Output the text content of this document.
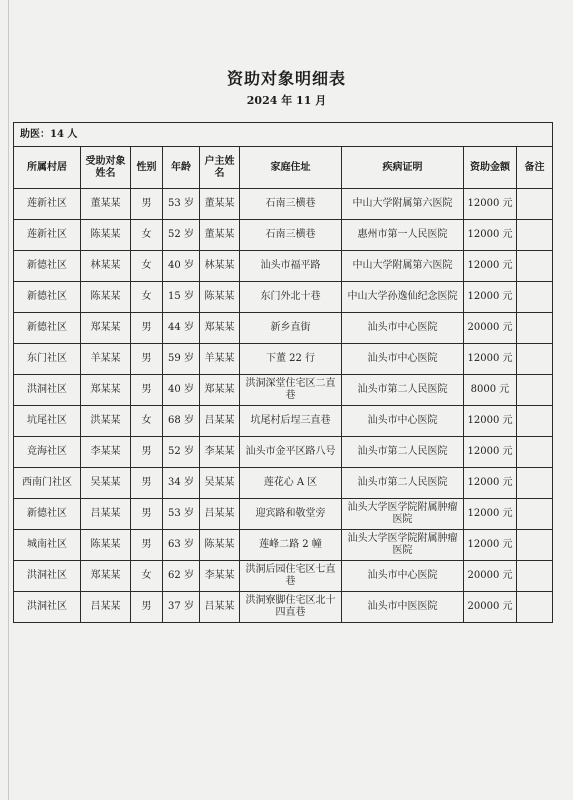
资助对象明细表
2024 年 11 月
助医：14 人								
所属村居	受助对象姓名	性别	年龄	户主姓名	家庭住址	疾病证明	资助金额	备注
莲新社区	董某某	男	53 岁	董某某	石南三横巷	中山大学附属第六医院	12000 元	
莲新社区	陈某某	女	52 岁	董某某	石南三横巷	惠州市第一人民医院	12000 元	
新德社区	林某某	女	40 岁	林某某	汕头市福平路	中山大学附属第六医院	12000 元	
新德社区	陈某某	女	15 岁	陈某某	东门外北十巷	中山大学孙逸仙纪念医院	12000 元	
新德社区	郑某某	男	44 岁	郑某某	新乡直街	汕头市中心医院	20000 元	
东门社区	羊某某	男	59 岁	羊某某	下董 22 行	汕头市中心医院	12000 元	
洪洞社区	郑某某	男	40 岁	郑某某	洪洞深堂住宅区二直巷	汕头市第二人民医院	8000 元	
坑尾社区	洪某某	女	68 岁	吕某某	坑尾村后埕三直巷	汕头市中心医院	12000 元	
竞海社区	李某某	男	52 岁	李某某	汕头市金平区路八号	汕头市第二人民医院	12000 元	
西南门社区	吴某某	男	34 岁	吴某某	莲花心 A 区	汕头市第二人民医院	12000 元	
新德社区	吕某某	男	53 岁	吕某某	迎宾路和敬堂旁	汕头大学医学院附属肿瘤医院	12000 元	
城南社区	陈某某	男	63 岁	陈某某	莲峰二路 2 幢	汕头大学医学院附属肿瘤医院	12000 元	
洪洞社区	郑某某	女	62 岁	李某某	洪洞后园住宅区七直巷	汕头市中心医院	20000 元	
洪洞社区	吕某某	男	37 岁	吕某某	洪洞寮脚住宅区北十四直巷	汕头市中医医院	20000 元	
